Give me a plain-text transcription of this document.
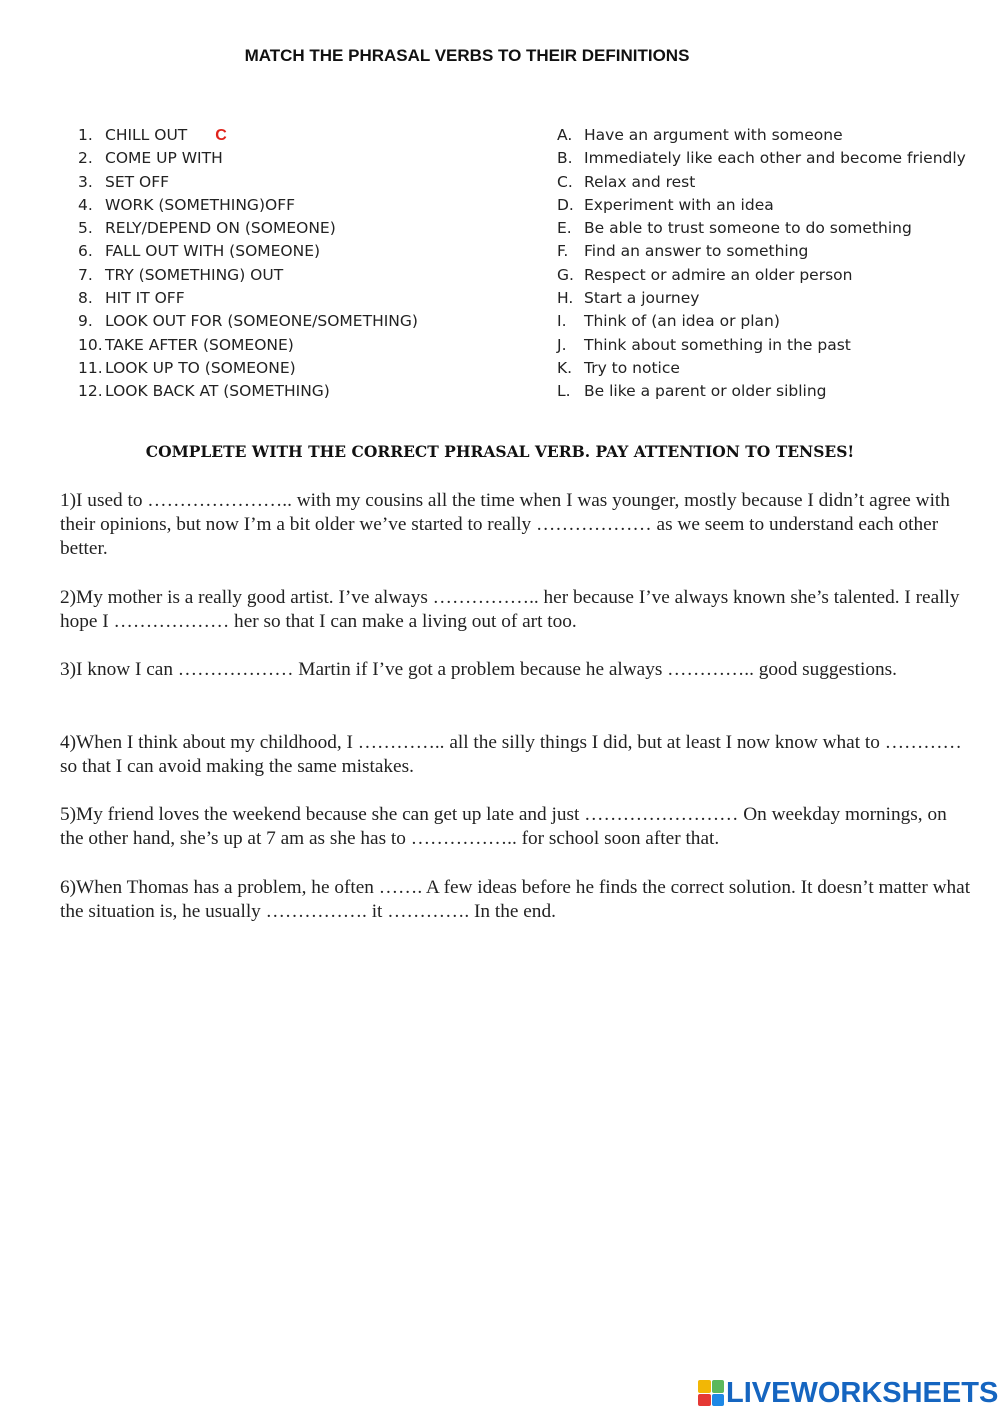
MATCH THE PHRASAL VERBS TO THEIR DEFINITIONS
1. CHILL OUT C
2. COME UP WITH
3. SET OFF
4. WORK (SOMETHING)OFF
5. RELY/DEPEND ON (SOMEONE)
6. FALL OUT WITH (SOMEONE)
7. TRY (SOMETHING) OUT
8. HIT IT OFF
9. LOOK OUT FOR (SOMEONE/SOMETHING)
10. TAKE AFTER (SOMEONE)
11. LOOK UP TO (SOMEONE)
12. LOOK BACK AT (SOMETHING)
A. Have an argument with someone
B. Immediately like each other and become friendly
C. Relax and rest
D. Experiment with an idea
E. Be able to trust someone to do something
F. Find an answer to something
G. Respect or admire an older person
H. Start a journey
I. Think of (an idea or plan)
J. Think about something in the past
K. Try to notice
L. Be like a parent or older sibling
COMPLETE WITH THE CORRECT PHRASAL VERB. PAY ATTENTION TO TENSES!

1)I used to ………………….. with my cousins all the time when I was younger, mostly because I didn’t agree with their opinions, but now I’m a bit older we’ve started to really ……………… as we seem to understand each other better.

2)My mother is a really good artist. I’ve always …………….. her because I’ve always known she’s talented. I really hope I ……………… her so that I can make a living out of art too.

3)I know I can ……………… Martin if I’ve got a problem because he always ………….. good suggestions.

4)When I think about my childhood, I ………….. all the silly things I did, but at least I now know what to ………… so that I can avoid making the same mistakes.

5)My friend loves the weekend because she can get up late and just …………………… On weekday mornings, on the other hand, she’s up at 7 am as she has to …………….. for school soon after that.

6)When Thomas has a problem, he often ……. A few ideas before he finds the correct solution. It doesn’t matter what the situation is, he usually ……………. it …………. In the end.

LIVEWORKSHEETS
